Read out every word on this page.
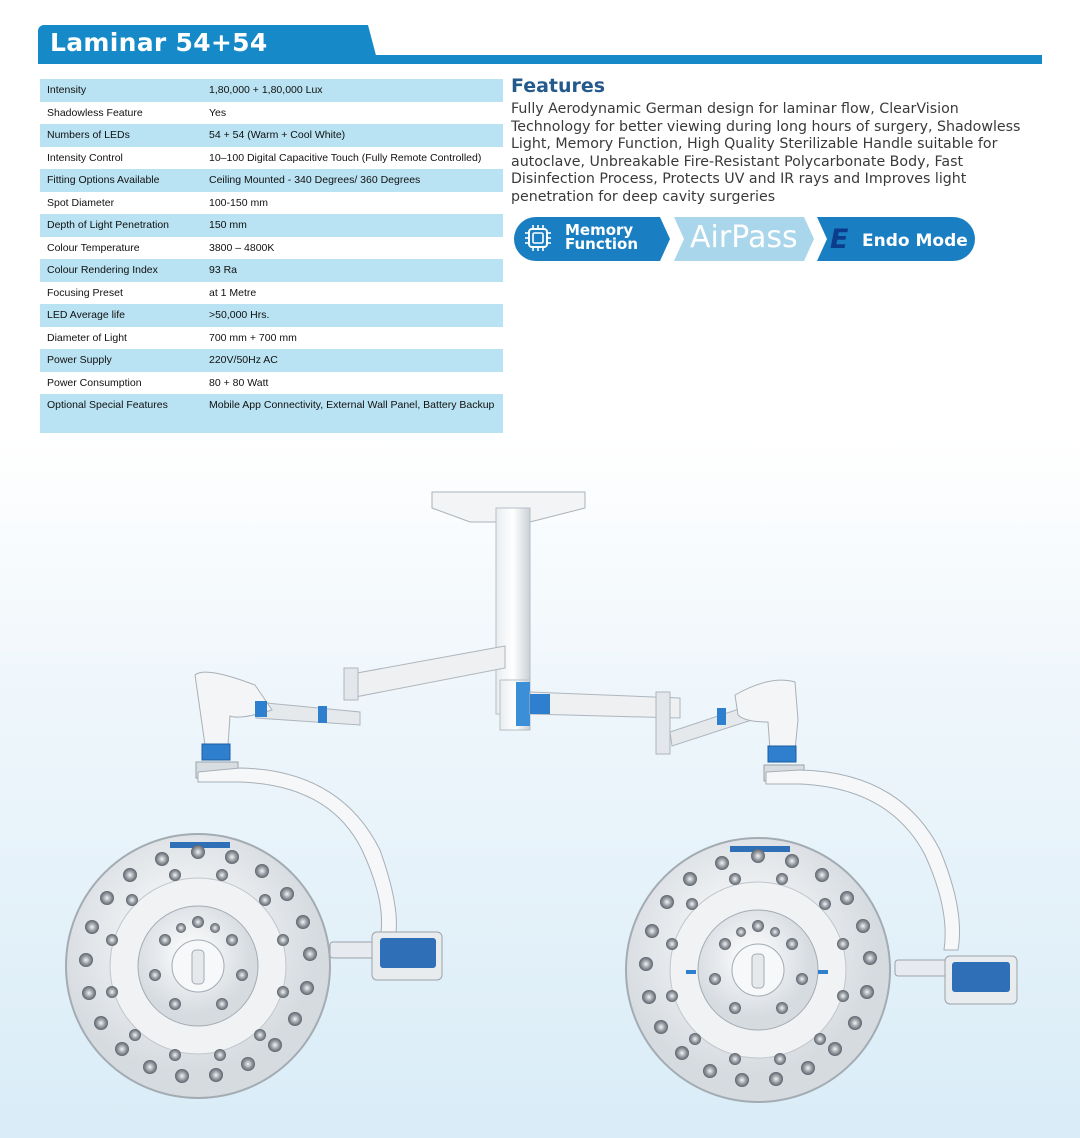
Laminar 54+54
Intensity	1,80,000 + 1,80,000 Lux
Shadowless Feature	Yes
Numbers of LEDs	54 + 54 (Warm + Cool White)
Intensity Control	10–100 Digital Capacitive Touch (Fully Remote Controlled)
Fitting Options Available	Ceiling Mounted - 340 Degrees/ 360 Degrees
Spot Diameter	100-150 mm
Depth of Light Penetration	150 mm
Colour Temperature	3800 – 4800K
Colour Rendering Index	93 Ra
Focusing Preset	at 1 Metre
LED Average life	>50,000 Hrs.
Diameter of Light	700 mm + 700 mm
Power Supply	220V/50Hz AC
Power Consumption	80 + 80 Watt
Optional Special Features	Mobile App Connectivity, External Wall Panel, Battery Backup
Features
Fully Aerodynamic German design for laminar flow, ClearVision Technology for better viewing during long hours of surgery, Shadowless Light, Memory Function, High Quality Sterilizable Handle suitable for autoclave, Unbreakable Fire-Resistant Polycarbonate Body, Fast Disinfection Process, Protects UV and IR rays and Improves light penetration for deep cavity surgeries
Memory
Function AirPass E Endo Mode
